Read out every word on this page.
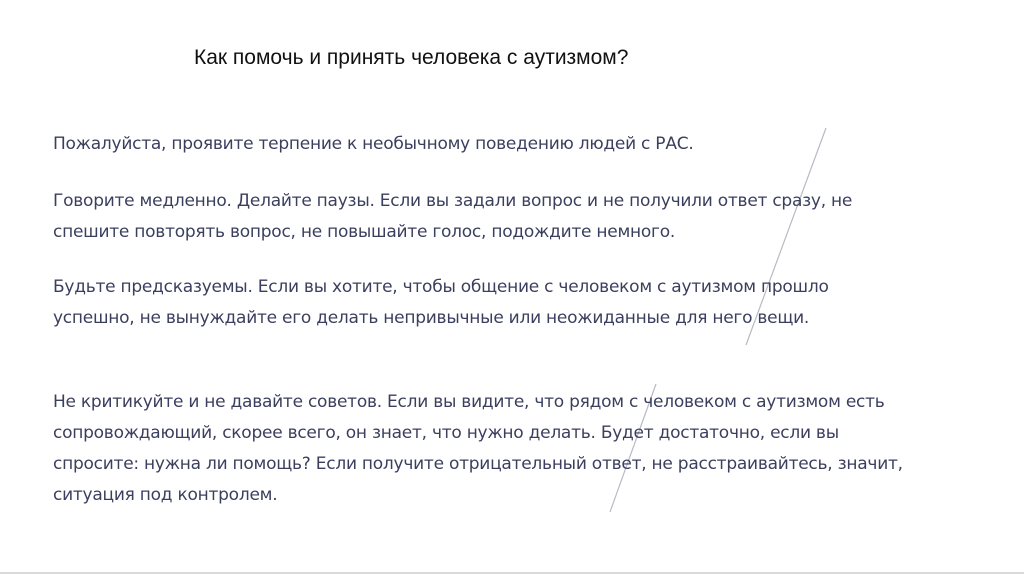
Как помочь и принять человека с аутизмом?
Пожалуйста, проявите терпение к необычному поведению людей с РАС.
Говорите медленно. Делайте паузы. Если вы задали вопрос и не получили ответ сразу, не
спешите повторять вопрос, не повышайте голос, подождите немного.
Будьте предсказуемы. Если вы хотите, чтобы общение с человеком с аутизмом прошло
успешно, не вынуждайте его делать непривычные или неожиданные для него вещи.
Не критикуйте и не давайте советов. Если вы видите, что рядом с человеком с аутизмом есть
сопровождающий, скорее всего, он знает, что нужно делать. Будет достаточно, если вы
спросите: нужна ли помощь? Если получите отрицательный ответ, не расстраивайтесь, значит,
ситуация под контролем.
